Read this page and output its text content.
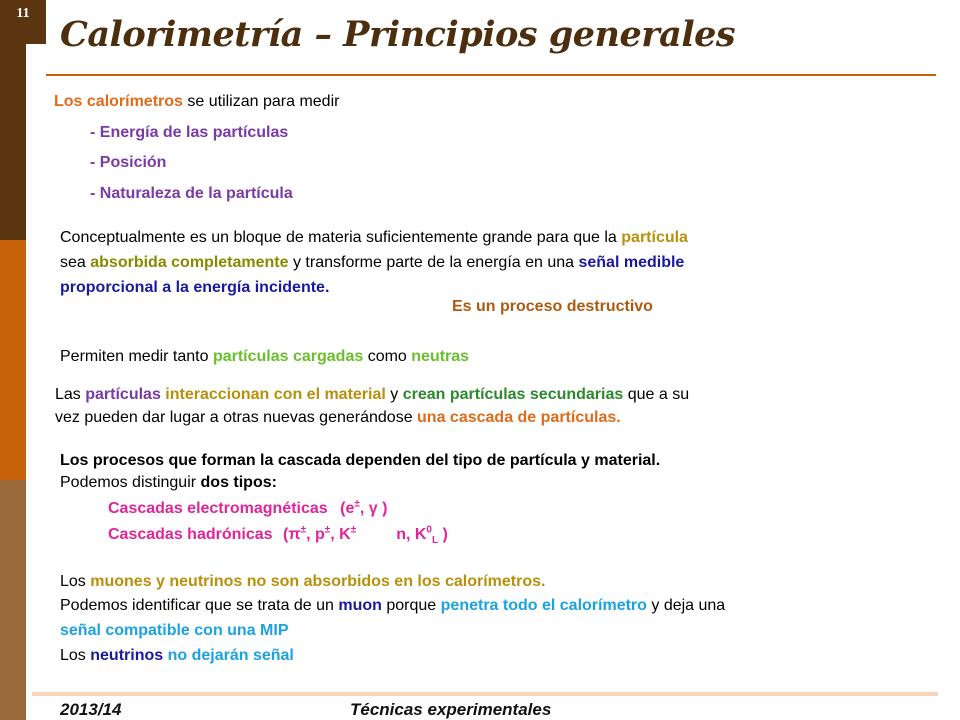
11
Calorimetría – Principios generales
Los calorímetros se utilizan para medir
- Energía de las partículas
- Posición
- Naturaleza de la partícula
Conceptualmente es un bloque de materia suficientemente grande para que la partícula
sea absorbida completamente y transforme parte de la energía en una señal medible
proporcional a la energía incidente.
Es un proceso destructivo
Permiten medir tanto partículas cargadas como neutras
Las partículas interaccionan con el material y crean partículas secundarias que a su
vez pueden dar lugar a otras nuevas generándose una cascada de partículas.
Los procesos que forman la cascada dependen del tipo de partícula y material.
Podemos distinguir dos tipos:
Cascadas electromagnéticas (e±, γ )
Cascadas hadrónicas (π±, p±, K±	n, $K^0_L$ )
Los muones y neutrinos no son absorbidos en los calorímetros.
Podemos identificar que se trata de un muon porque penetra todo el calorímetro y deja una
señal compatible con una MIP
Los neutrinos no dejarán señal
2013/14	Técnicas experimentales
